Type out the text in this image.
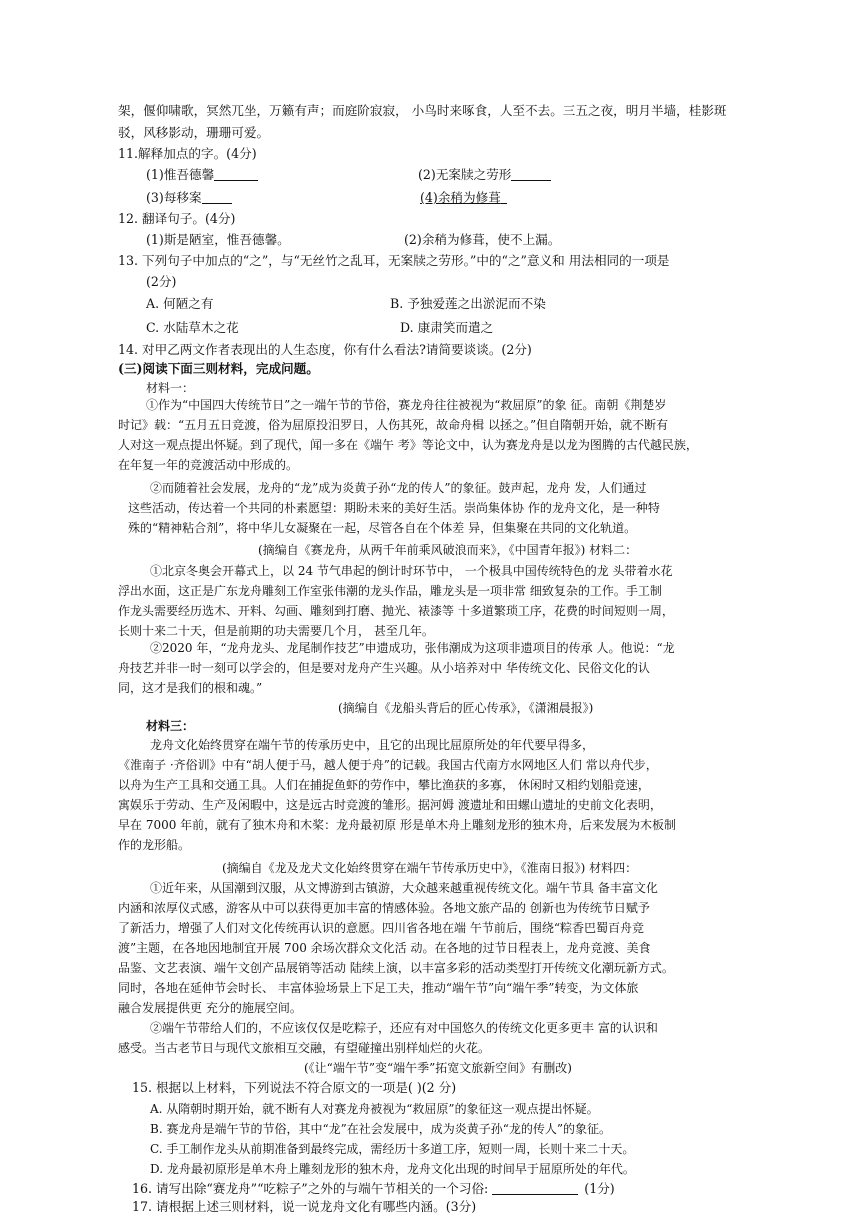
架，偃仰啸歌，冥然兀坐，万籁有声；而庭阶寂寂， 小鸟时来啄食，人至不去。三五之夜，明月半墙，桂影斑
驳，风移影动，珊珊可爱。
11.解释加点的字。(4分)
(1)惟吾德馨	(2)无案牍之劳形
(3)每移案	(4)余稍为修葺
12. 翻译句子。(4分)
(1)斯是陋室，惟吾德馨。	(2)余稍为修葺，使不上漏。
13. 下列句子中加点的“之”，与“无丝竹之乱耳，无案牍之劳形。”中的“之”意义和 用法相同的一项是
(2分)
A. 何陋之有	B. 予独爱莲之出淤泥而不染
C. 水陆草木之花	D. 康肃笑而遣之
14. 对甲乙两文作者表现出的人生态度，你有什么看法?请简要谈谈。(2分)
(三)阅读下面三则材料，完成问题。
材料一：
①作为“中国四大传统节日”之一端午节的节俗，赛龙舟往往被视为“救屈原”的象 征。南朝《荆楚岁
时记》载：“五月五日竞渡，俗为屈原投汨罗日，人伤其死，故命舟楫 以拯之。”但自隋朝开始，就不断有
人对这一观点提出怀疑。到了现代，闻一多在《端午 考》等论文中，认为赛龙舟是以龙为图腾的古代越民族，
在年复一年的竞渡活动中形成的。
②而随着社会发展，龙舟的“龙”成为炎黄子孙“龙的传人”的象征。鼓声起，龙舟 发，人们通过
这些活动，传达着一个共同的朴素愿望：期盼未来的美好生活。崇尚集体协 作的龙舟文化，是一种特
殊的“精神粘合剂”，将中华儿女凝聚在一起，尽管各自在个体差 异，但集聚在共同的文化轨道。
(摘编自《赛龙舟，从两千年前乘风破浪而来》，《中国青年报》) 材料二：
①北京冬奥会开幕式上，以 24 节气串起的倒计时环节中， 一个极具中国传统特色的龙 头带着水花
浮出水面，这正是广东龙舟雕刻工作室张伟潮的龙头作品，雕龙头是一项非常 细致复杂的工作。手工制
作龙头需要经历选木、开料、勾画、雕刻到打磨、抛光、裱漆等 十多道繁琐工序，花费的时间短则一周，
长则十来二十天，但是前期的功夫需要几个月， 甚至几年。
②2020 年，“龙舟龙头、龙尾制作技艺”申遗成功，张伟潮成为这项非遗项目的传承 人。他说：“龙
舟技艺并非一时一刻可以学会的，但是要对龙舟产生兴趣。从小培养对中 华传统文化、民俗文化的认
同，这才是我们的根和魂。”
(摘编自《龙船头背后的匠心传承》，《潇湘晨报》)
材料三：
龙舟文化始终贯穿在端午节的传承历史中，且它的出现比屈原所处的年代要早得多，
《淮南子 ·齐俗训》中有“胡人便于马，越人便于舟”的记载。我国古代南方水网地区人们 常以舟代步，
以舟为生产工具和交通工具。人们在捕捉鱼虾的劳作中，攀比渔获的多寡， 休闲时又相约划船竞速，
寓娱乐于劳动、生产及闲暇中，这是远古时竞渡的雏形。据河姆 渡遗址和田螺山遗址的史前文化表明，
早在 7000 年前，就有了独木舟和木桨：龙舟最初原 形是单木舟上雕刻龙形的独木舟，后来发展为木板制
作的龙形船。
(摘编自《龙及龙犬文化始终贯穿在端午节传承历史中》，《淮南日报》) 材料四：
①近年来，从国潮到汉服，从文博游到古镇游，大众越来越重视传统文化。端午节具 备丰富文化
内涵和浓厚仪式感，游客从中可以获得更加丰富的情感体验。各地文旅产品的 创新也为传统节日赋予
了新活力，增强了人们对文化传统再认识的意愿。四川省各地在端 午节前后，围绕“粽香巴蜀百舟竞
渡”主题，在各地因地制宜开展 700 余场次群众文化活 动。在各地的过节日程表上，龙舟竞渡、美食
品鉴、文艺表演、端午文创产品展销等活动 陆续上演，以丰富多彩的活动类型打开传统文化潮玩新方式。
同时，各地在延伸节会时长、 丰富体验场景上下足工夫，推动“端午节”向“端午季”转变，为文体旅
融合发展提供更 充分的施展空间。
②端午节带给人们的，不应该仅仅是吃粽子，还应有对中国悠久的传统文化更多更丰 富的认识和
感受。当古老节日与现代文旅相互交融，有望碰撞出别样灿烂的火花。
(《让“端午节”变“端午季”拓宽文旅新空间》有删改)
15. 根据以上材料，下列说法不符合原文的一项是( )(2 分)
A. 从隋朝时期开始，就不断有人对赛龙舟被视为“救屈原”的象征这一观点提出怀疑。
B. 赛龙舟是端午节的节俗，其中“龙”在社会发展中，成为炎黄子孙“龙的传人”的象征。
C. 手工制作龙头从前期准备到最终完成，需经历十多道工序，短则一周，长则十来二十天。
D. 龙舟最初原形是单木舟上雕刻龙形的独木舟，龙舟文化出现的时间早于屈原所处的年代。
16. 请写出除“赛龙舟”“吃粽子”之外的与端午节相关的一个习俗:	(1分)
17. 请根据上述三则材料，说一说龙舟文化有哪些内涵。(3分)
